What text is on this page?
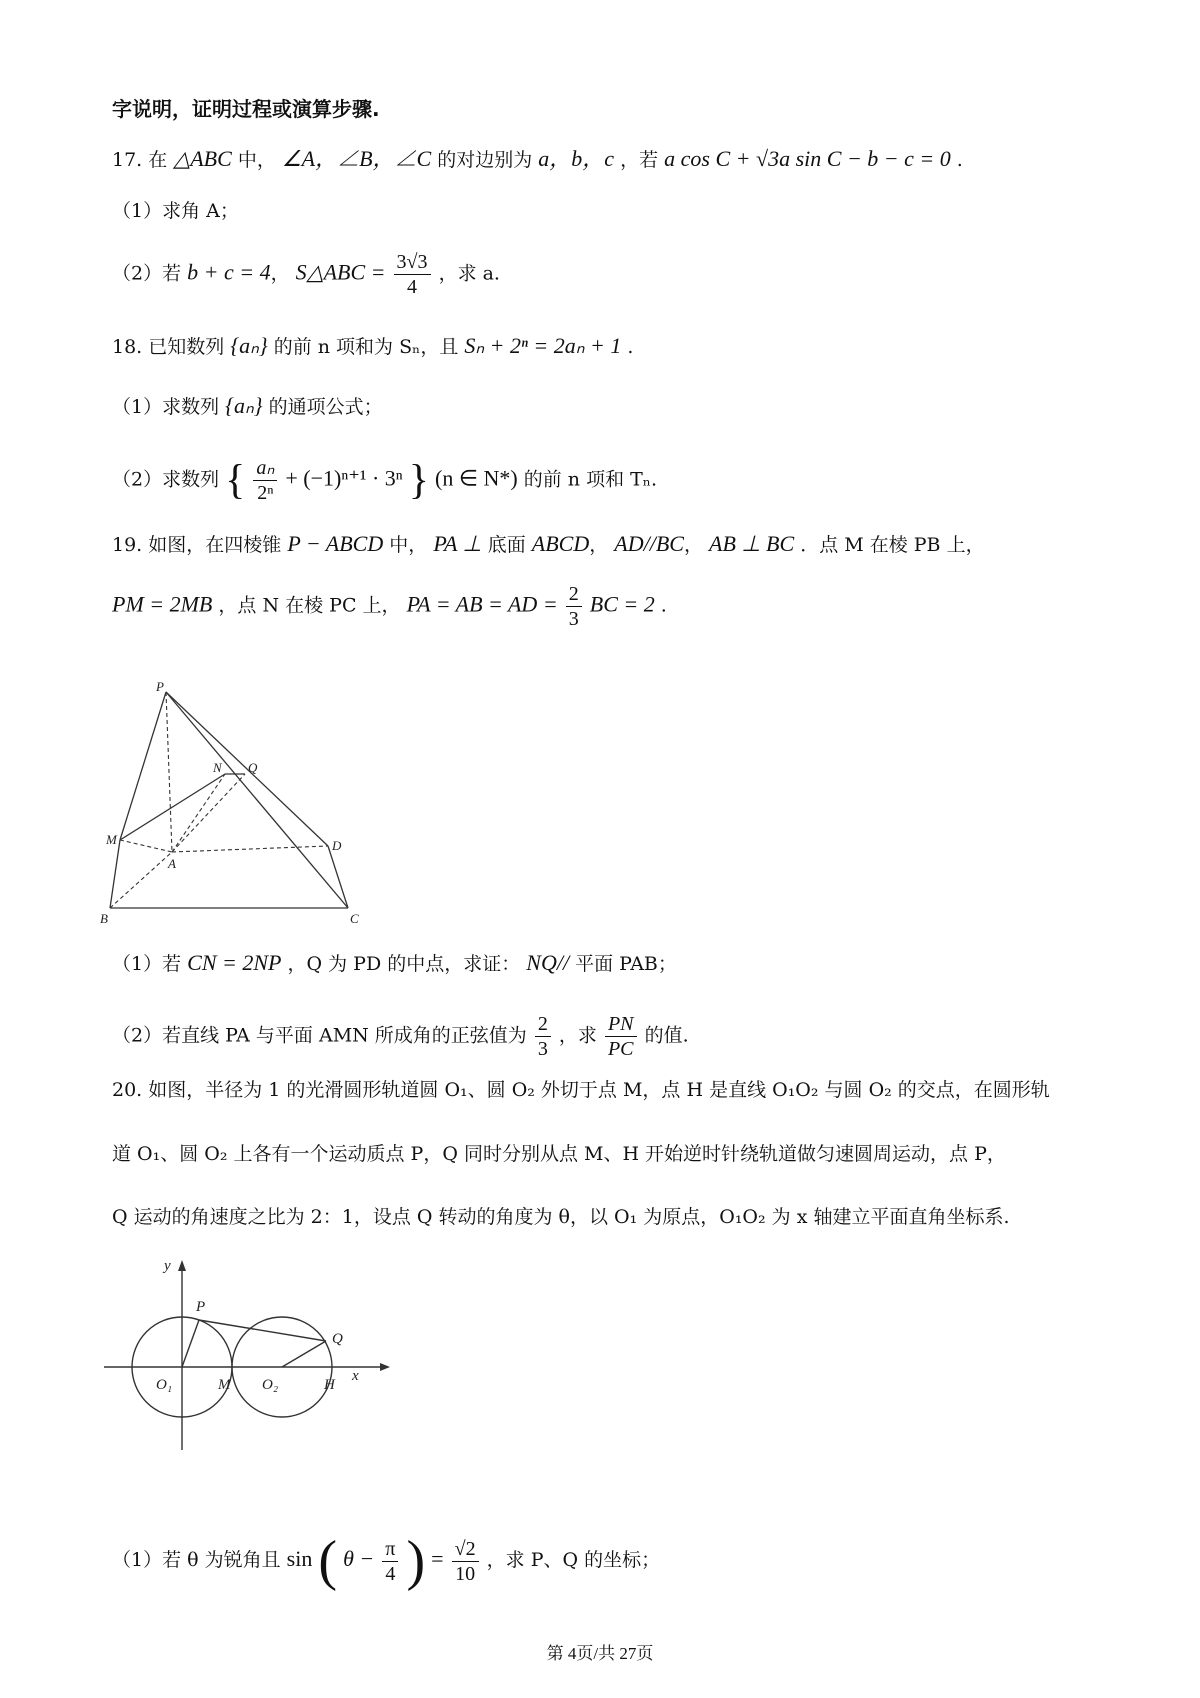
字说明，证明过程或演算步骤.
17. 在 △ABC 中， ∠A，∠B，∠C 的对边别为 a，b，c ，若 a cos C + √3a sin C − b − c = 0 .
（1）求角 A；
（2）若 b + c = 4， S△ABC = $\frac{3√3}{4}$ ，求 a.
18. 已知数列 {aₙ} 的前 n 项和为 Sₙ，且 Sₙ + 2ⁿ = 2aₙ + 1 .
（1）求数列 {aₙ} 的通项公式；
（2）求数列 { $\frac{\text{aₙ}}{\text{2ⁿ}} + (-1)^{n+1} \cdot 3^n$ } (n ∈ N*) 的前 n 项和 Tₙ.
19. 如图，在四棱锥 P − ABCD 中， PA ⊥ 底面 ABCD， AD//BC， AB ⊥ BC ．点 M 在棱 PB 上，
PM = 2MB ，点 N 在棱 PC 上， PA = AB = AD = $\frac{2}{3}$ BC = 2 .
P
N Q
M
A
D
B	C
（1）若 CN = 2NP ，Q 为 PD 的中点，求证： NQ// 平面 PAB；
（2）若直线 PA 与平面 AMN 所成角的正弦值为 $\frac{2}{3}$ ，求 $\frac{PN}{PC}$ 的值.
20. 如图，半径为 1 的光滑圆形轨道圆 O₁、圆 O₂ 外切于点 M，点 H 是直线 O₁O₂ 与圆 O₂ 的交点，在圆形轨
道 O₁、圆 O₂ 上各有一个运动质点 P，Q 同时分别从点 M、H 开始逆时针绕轨道做匀速圆周运动，点 P，
Q 运动的角速度之比为 2：1，设点 Q 转动的角度为 θ，以 O₁ 为原点，O₁O₂ 为 x 轴建立平面直角坐标系.
y
P
Q
O₁	M O₂	H
x
（1）若 θ 为锐角且 sin ( $\theta - \frac{\pi}{4}$ ) = $\frac{√2}{10}$ ，求 P、Q 的坐标；
第 4页/共 27页
